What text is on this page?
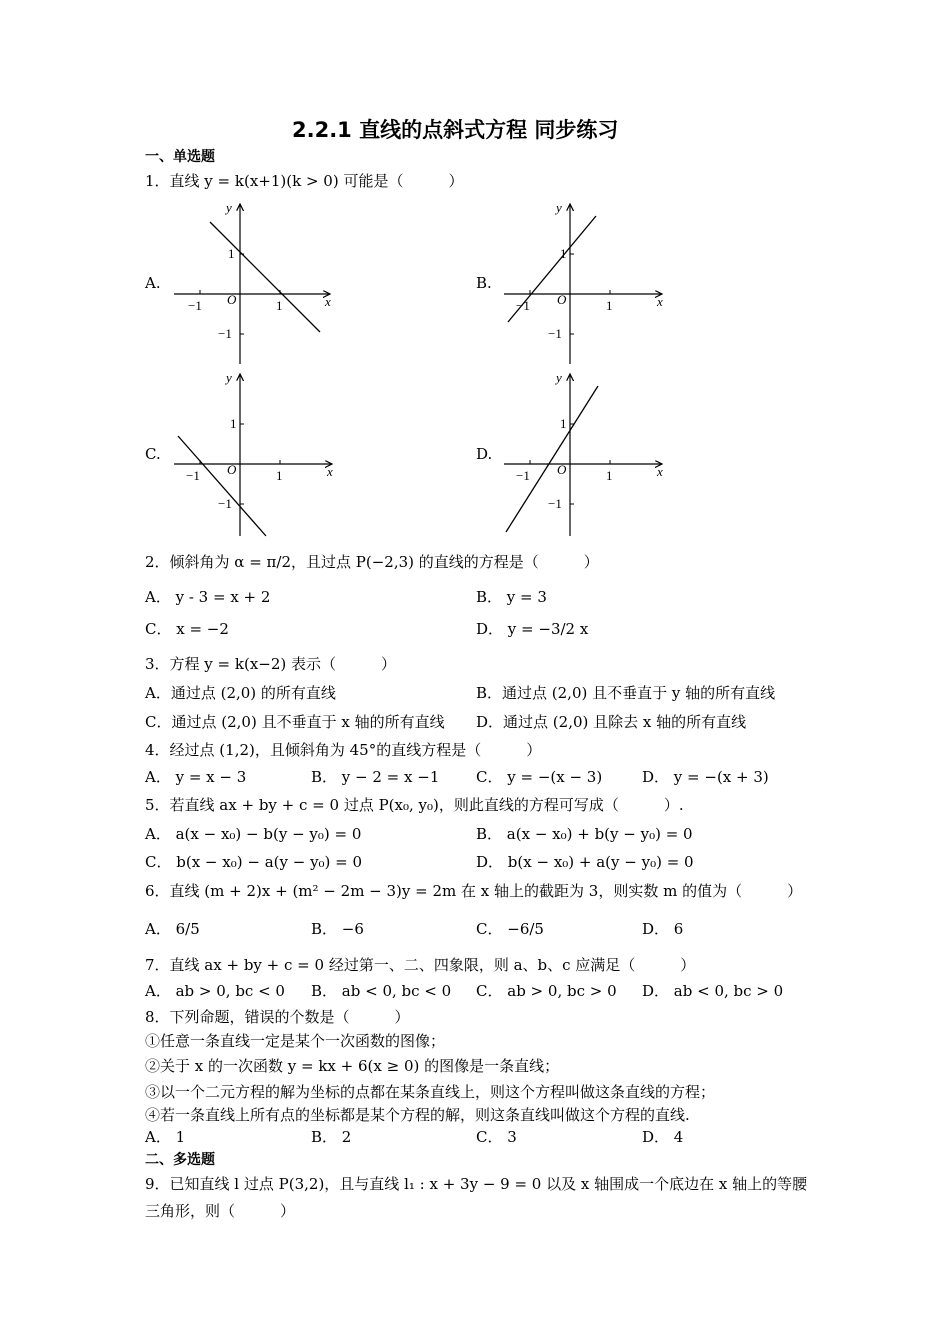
2.2.1 直线的点斜式方程 同步练习
一、单选题
1．直线 y = k(x+1)(k > 0) 可能是（　　　）
A.	B.
C.	D.
y
x
O
1
−1
−1	1
y
x
O
1
−1
−1	1
y
x
O
1
−1
−1	1
y
x
O
1
−1
−1	1
2．倾斜角为 α = π/2，且过点 P(−2,3) 的直线的方程是（　　　）
A． y - 3 = x + 2	B． y = 3
C． x = −2	D． y = −3/2 x
3．方程 y = k(x−2) 表示（　　　）
A．通过点 (2,0) 的所有直线	B．通过点 (2,0) 且不垂直于 y 轴的所有直线
C．通过点 (2,0) 且不垂直于 x 轴的所有直线 D．通过点 (2,0) 且除去 x 轴的所有直线
4．经过点 (1,2)，且倾斜角为 45°的直线方程是（　　　）
A． y = x − 3	B． y − 2 = x −1 C． y = −(x − 3)	D． y = −(x + 3)
5．若直线 ax + by + c = 0 过点 P(x₀, y₀)，则此直线的方程可写成（　　　）.
A． a(x − x₀) − b(y − y₀) = 0	B． a(x − x₀) + b(y − y₀) = 0
C． b(x − x₀) − a(y − y₀) = 0	D． b(x − x₀) + a(y − y₀) = 0
6．直线 (m + 2)x + (m² − 2m − 3)y = 2m 在 x 轴上的截距为 3，则实数 m 的值为（　　　）
A． 6/5	B． −6	C． −6/5	D． 6
7．直线 ax + by + c = 0 经过第一、二、四象限，则 a、b、c 应满足（　　　）
A． ab > 0, bc < 0 B． ab < 0, bc < 0 C． ab > 0, bc > 0 D． ab < 0, bc > 0
8．下列命题，错误的个数是（　　　）
①任意一条直线一定是某个一次函数的图像；
②关于 x 的一次函数 y = kx + 6(x ≥ 0) 的图像是一条直线；
③以一个二元方程的解为坐标的点都在某条直线上，则这个方程叫做这条直线的方程；
④若一条直线上所有点的坐标都是某个方程的解，则这条直线叫做这个方程的直线.
A． 1	B． 2	C． 3	D． 4
二、多选题
9．已知直线 l 过点 P(3,2)，且与直线 l₁ : x + 3y − 9 = 0 以及 x 轴围成一个底边在 x 轴上的等腰
三角形，则（　　　）
